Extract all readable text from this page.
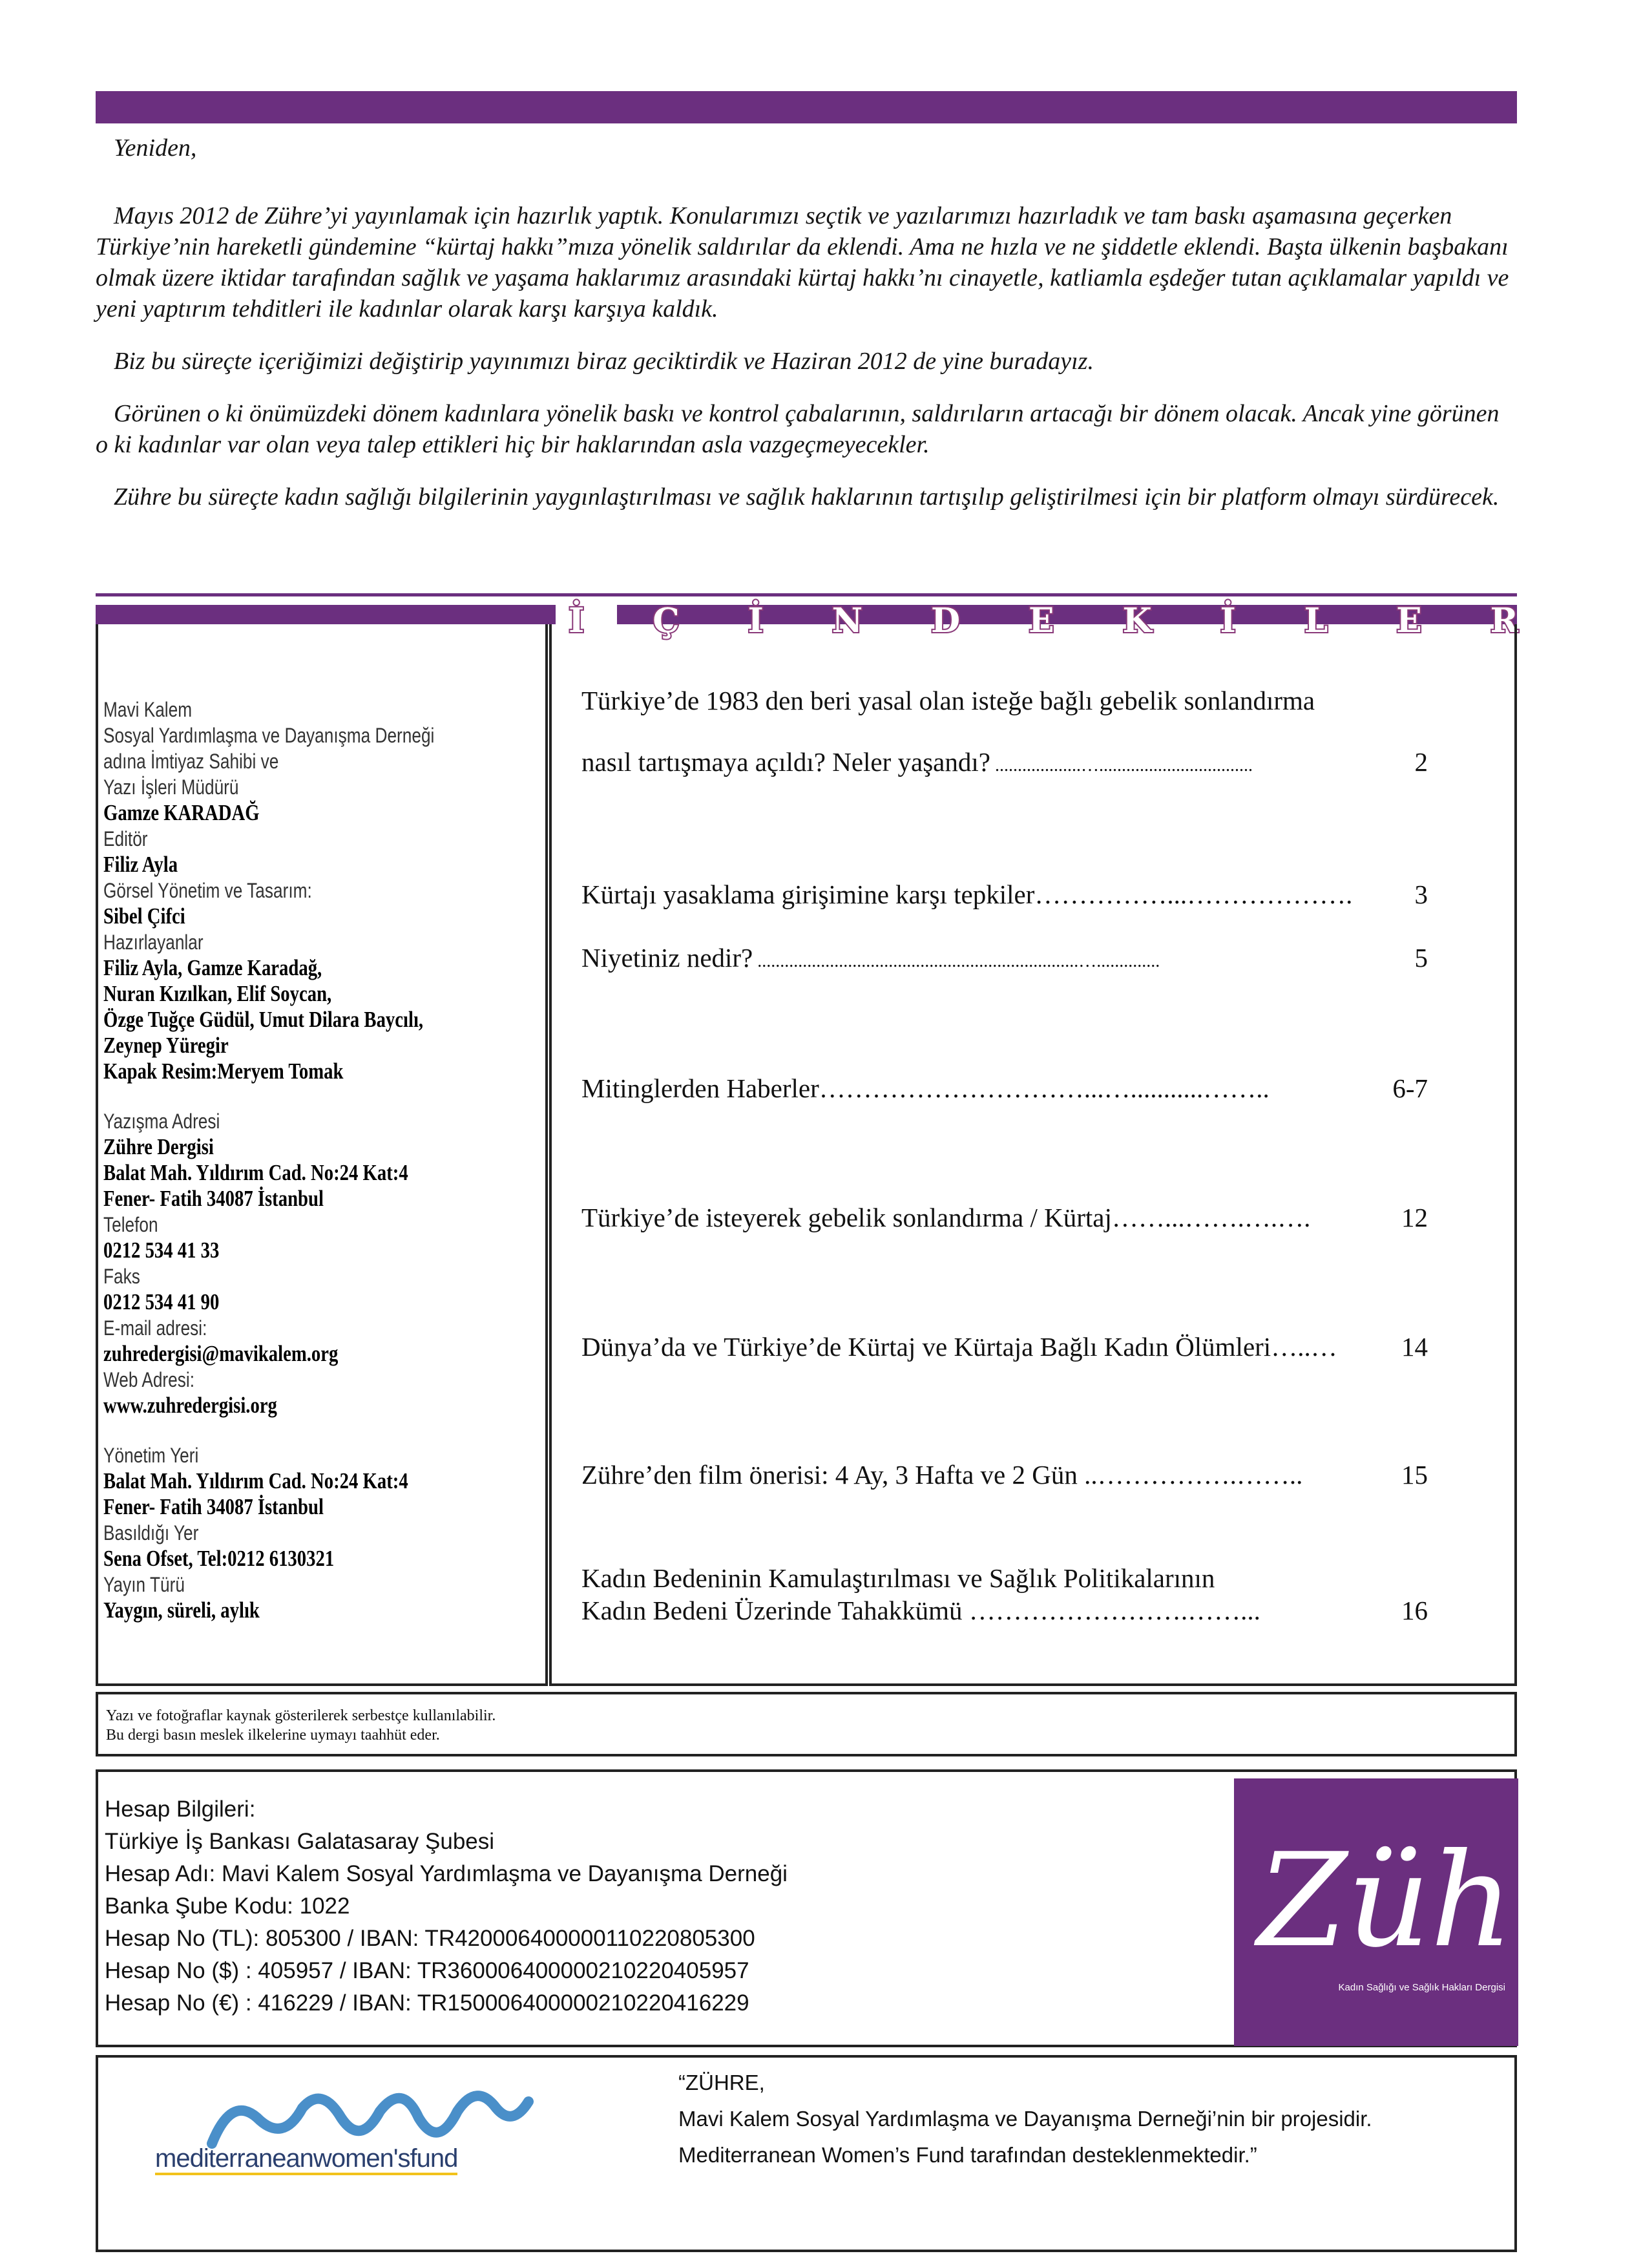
Yeniden,

Mayıs 2012 de Zühre’yi yayınlamak için hazırlık yaptık. Konularımızı seçtik ve yazılarımızı hazırladık ve tam baskı aşamasına geçerken Türkiye’nin hareketli gündemine “kürtaj hakkı”mıza yönelik saldırılar da eklendi. Ama ne hızla ve ne şiddetle eklendi. Başta ülkenin başbakanı olmak üzere iktidar tarafından sağlık ve yaşama haklarımız arasındaki kürtaj hakkı’nı cinayetle, katliamla eşdeğer tutan açıklamalar yapıldı ve yeni yaptırım tehditleri ile kadınlar olarak karşı karşıya kaldık.

Biz bu süreçte içeriğimizi değiştirip yayınımızı biraz geciktirdik ve Haziran 2012 de yine buradayız.

Görünen o ki önümüzdeki dönem kadınlara yönelik baskı ve kontrol çabalarının, saldırıların artacağı bir dönem olacak. Ancak yine görünen o ki kadınlar var olan veya talep ettikleri hiç bir haklarından asla vazgeçmeyecekler.

Zühre bu süreçte kadın sağlığı bilgilerinin yaygınlaştırılması ve sağlık haklarının tartışılıp geliştirilmesi için bir platform olmayı sürdürecek.

İ Ç İ N D E K İ L E R
Mavi Kalem
Sosyal Yardımlaşma ve Dayanışma Derneği
adına İmtiyaz Sahibi ve
Yazı İşleri Müdürü
Gamze KARADAĞ
Editör
Filiz Ayla
Görsel Yönetim ve Tasarım:
Sibel Çifci
Hazırlayanlar
Filiz Ayla, Gamze Karadağ,
Nuran Kızılkan, Elif Soycan,
Özge Tuğçe Güdül, Umut Dilara Baycılı,
Zeynep Yüregir
Kapak Resim:Meryem Tomak
Yazışma Adresi
Zühre Dergisi
Balat Mah. Yıldırım Cad. No:24 Kat:4
Fener- Fatih 34087 İstanbul
Telefon
0212 534 41 33
Faks
0212 534 41 90
E-mail adresi:
zuhredergisi@mavikalem.org
Web Adresi:
www.zuhredergisi.org
Yönetim Yeri
Balat Mah. Yıldırım Cad. No:24 Kat:4
Fener- Fatih 34087 İstanbul
Basıldığı Yer
Sena Ofset, Tel:0212 6130321
Yayın Türü
Yaygın, süreli, aylık
Türkiye’de 1983 den beri yasal olan isteğe bağlı gebelik sonlandırma
nasıl tartışmaya açıldı? Neler yaşandı? ...................…..................................	2
Kürtajı yasaklama girişimine karşı tepkiler……………...………………. 3
Niyetiniz nedir? .......................................................................…..............	5
Mitinglerden Haberler…………………………...…...........……..	6-7
Türkiye’de isteyerek gebelik sonlandırma / Kürtaj……...…….….….	12
Dünya’da ve Türkiye’de Kürtaj ve Kürtaja Bağlı Kadın Ölümleri…..… 14
Zühre’den film önerisi: 4 Ay, 3 Hafta ve 2 Gün ..…………….……..	15
Kadın Bedeninin Kamulaştırılması ve Sağlık Politikalarının
Kadın Bedeni Üzerinde Tahakkümü …………………….……...	16
Yazı ve fotoğraflar kaynak gösterilerek serbestçe kullanılabilir.
Bu dergi basın meslek ilkelerine uymayı taahhüt eder.
Hesap Bilgileri:
Türkiye İş Bankası Galatasaray Şubesi
Hesap Adı: Mavi Kalem Sosyal Yardımlaşma ve Dayanışma Derneği
Banka Şube Kodu: 1022
Hesap No (TL): 805300 / IBAN: TR420006400000110220805300
Hesap No ($) : 405957 / IBAN: TR360006400000210220405957
Hesap No (€) : 416229 / IBAN: TR150006400000210220416229
Zühre
Kadın Sağlığı ve Sağlık Hakları Dergisi
mediterraneanwomen'sfund
“ZÜHRE,
Mavi Kalem Sosyal Yardımlaşma ve Dayanışma Derneği’nin bir projesidir.
Mediterranean Women’s Fund tarafından desteklenmektedir.”
